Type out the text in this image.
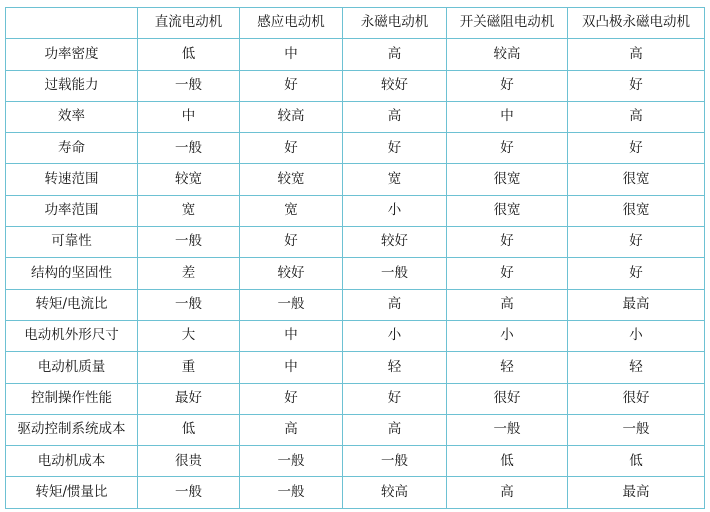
	直流电动机	感应电动机	永磁电动机	开关磁阻电动机	双凸极永磁电动机
功率密度	低	中	高	较高	高
过载能力	一般	好	较好	好	好
效率	中	较高	高	中	高
寿命	一般	好	好	好	好
转速范围	较宽	较宽	宽	很宽	很宽
功率范围	宽	宽	小	很宽	很宽
可靠性	一般	好	较好	好	好
结构的坚固性	差	较好	一般	好	好
转矩/电流比	一般	一般	高	高	最高
电动机外形尺寸	大	中	小	小	小
电动机质量	重	中	轻	轻	轻
控制操作性能	最好	好	好	很好	很好
驱动控制系统成本	低	高	高	一般	一般
电动机成本	很贵	一般	一般	低	低
转矩/惯量比	一般	一般	较高	高	最高
